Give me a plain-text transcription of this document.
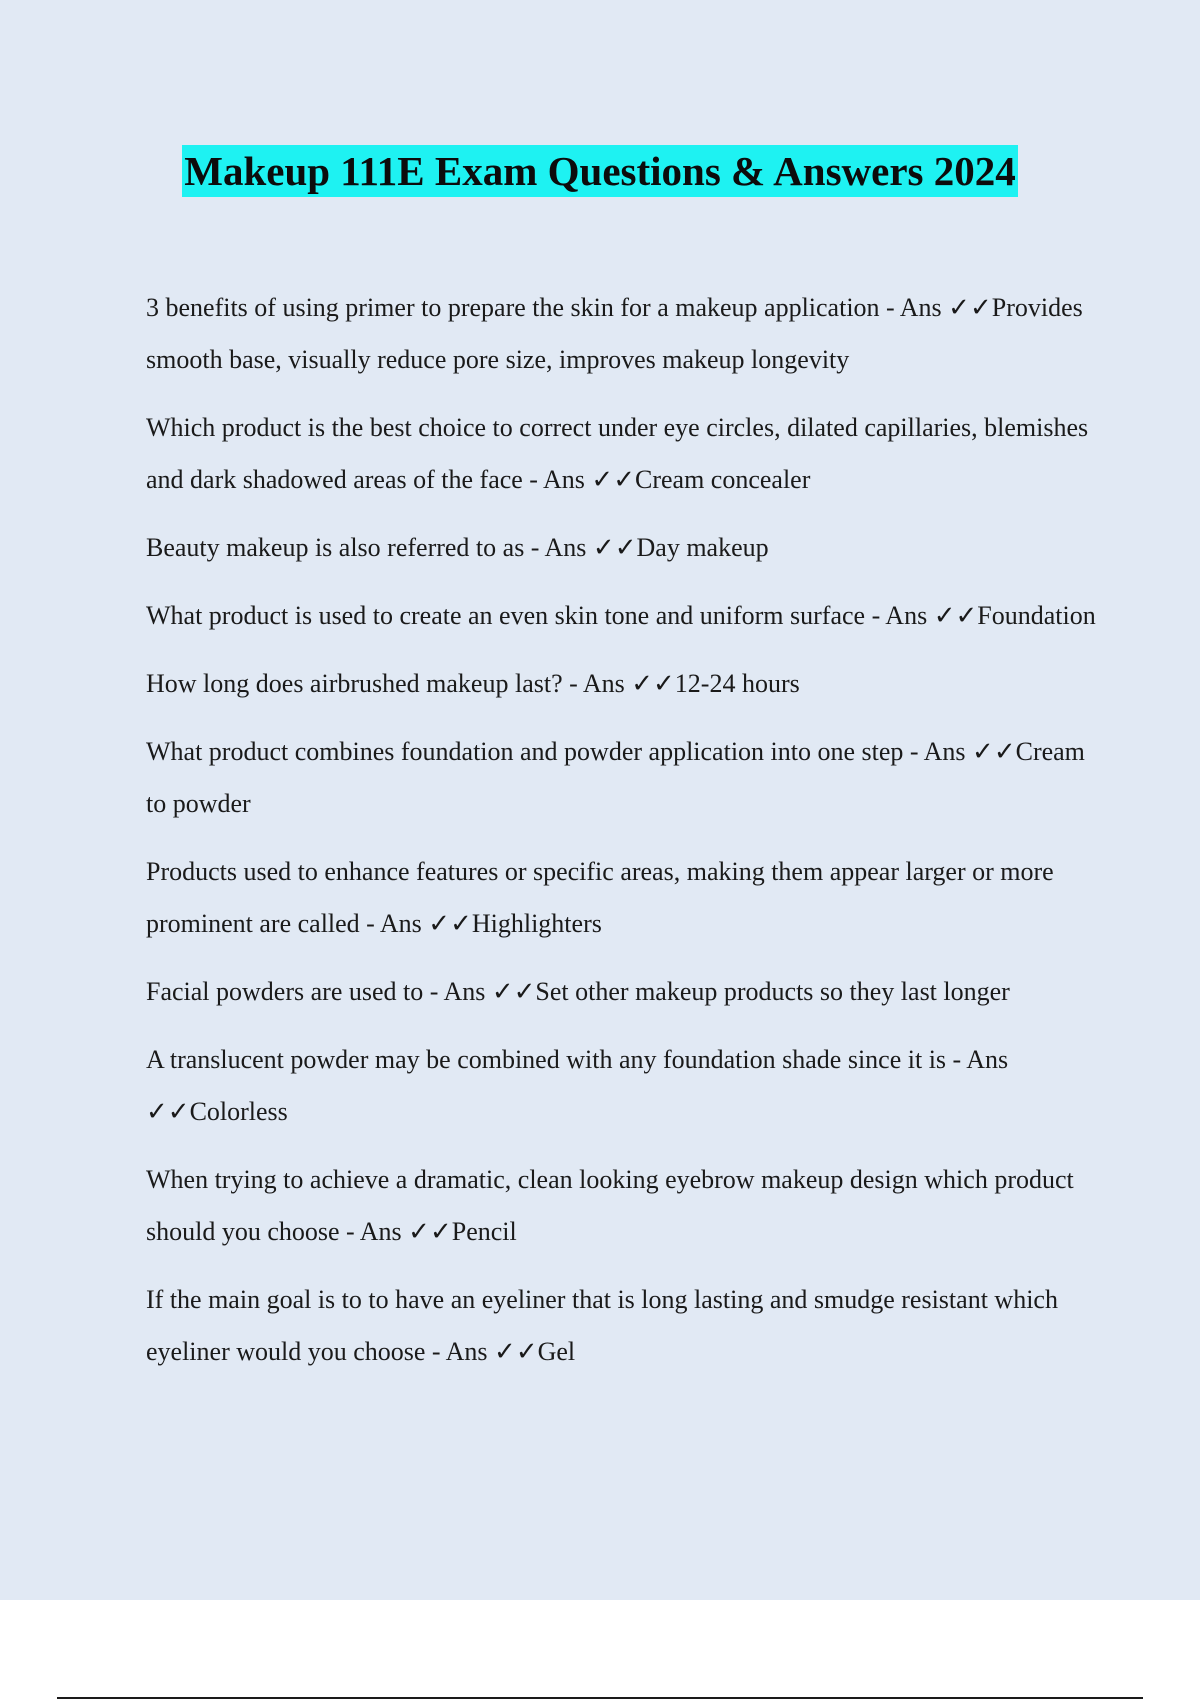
Makeup 111E Exam Questions & Answers 2024
3 benefits of using primer to prepare the skin for a makeup application - Ans ✓✓Provides smooth base, visually reduce pore size, improves makeup longevity
Which product is the best choice to correct under eye circles, dilated capillaries, blemishes and dark shadowed areas of the face - Ans ✓✓Cream concealer
Beauty makeup is also referred to as - Ans ✓✓Day makeup
What product is used to create an even skin tone and uniform surface - Ans ✓✓Foundation
How long does airbrushed makeup last? - Ans ✓✓12-24 hours
What product combines foundation and powder application into one step - Ans ✓✓Cream to powder
Products used to enhance features or specific areas, making them appear larger or more prominent are called - Ans ✓✓Highlighters
Facial powders are used to - Ans ✓✓Set other makeup products so they last longer
A translucent powder may be combined with any foundation shade since it is - Ans ✓✓Colorless
When trying to achieve a dramatic, clean looking eyebrow makeup design which product should you choose - Ans ✓✓Pencil
If the main goal is to to have an eyeliner that is long lasting and smudge resistant which eyeliner would you choose - Ans ✓✓Gel
